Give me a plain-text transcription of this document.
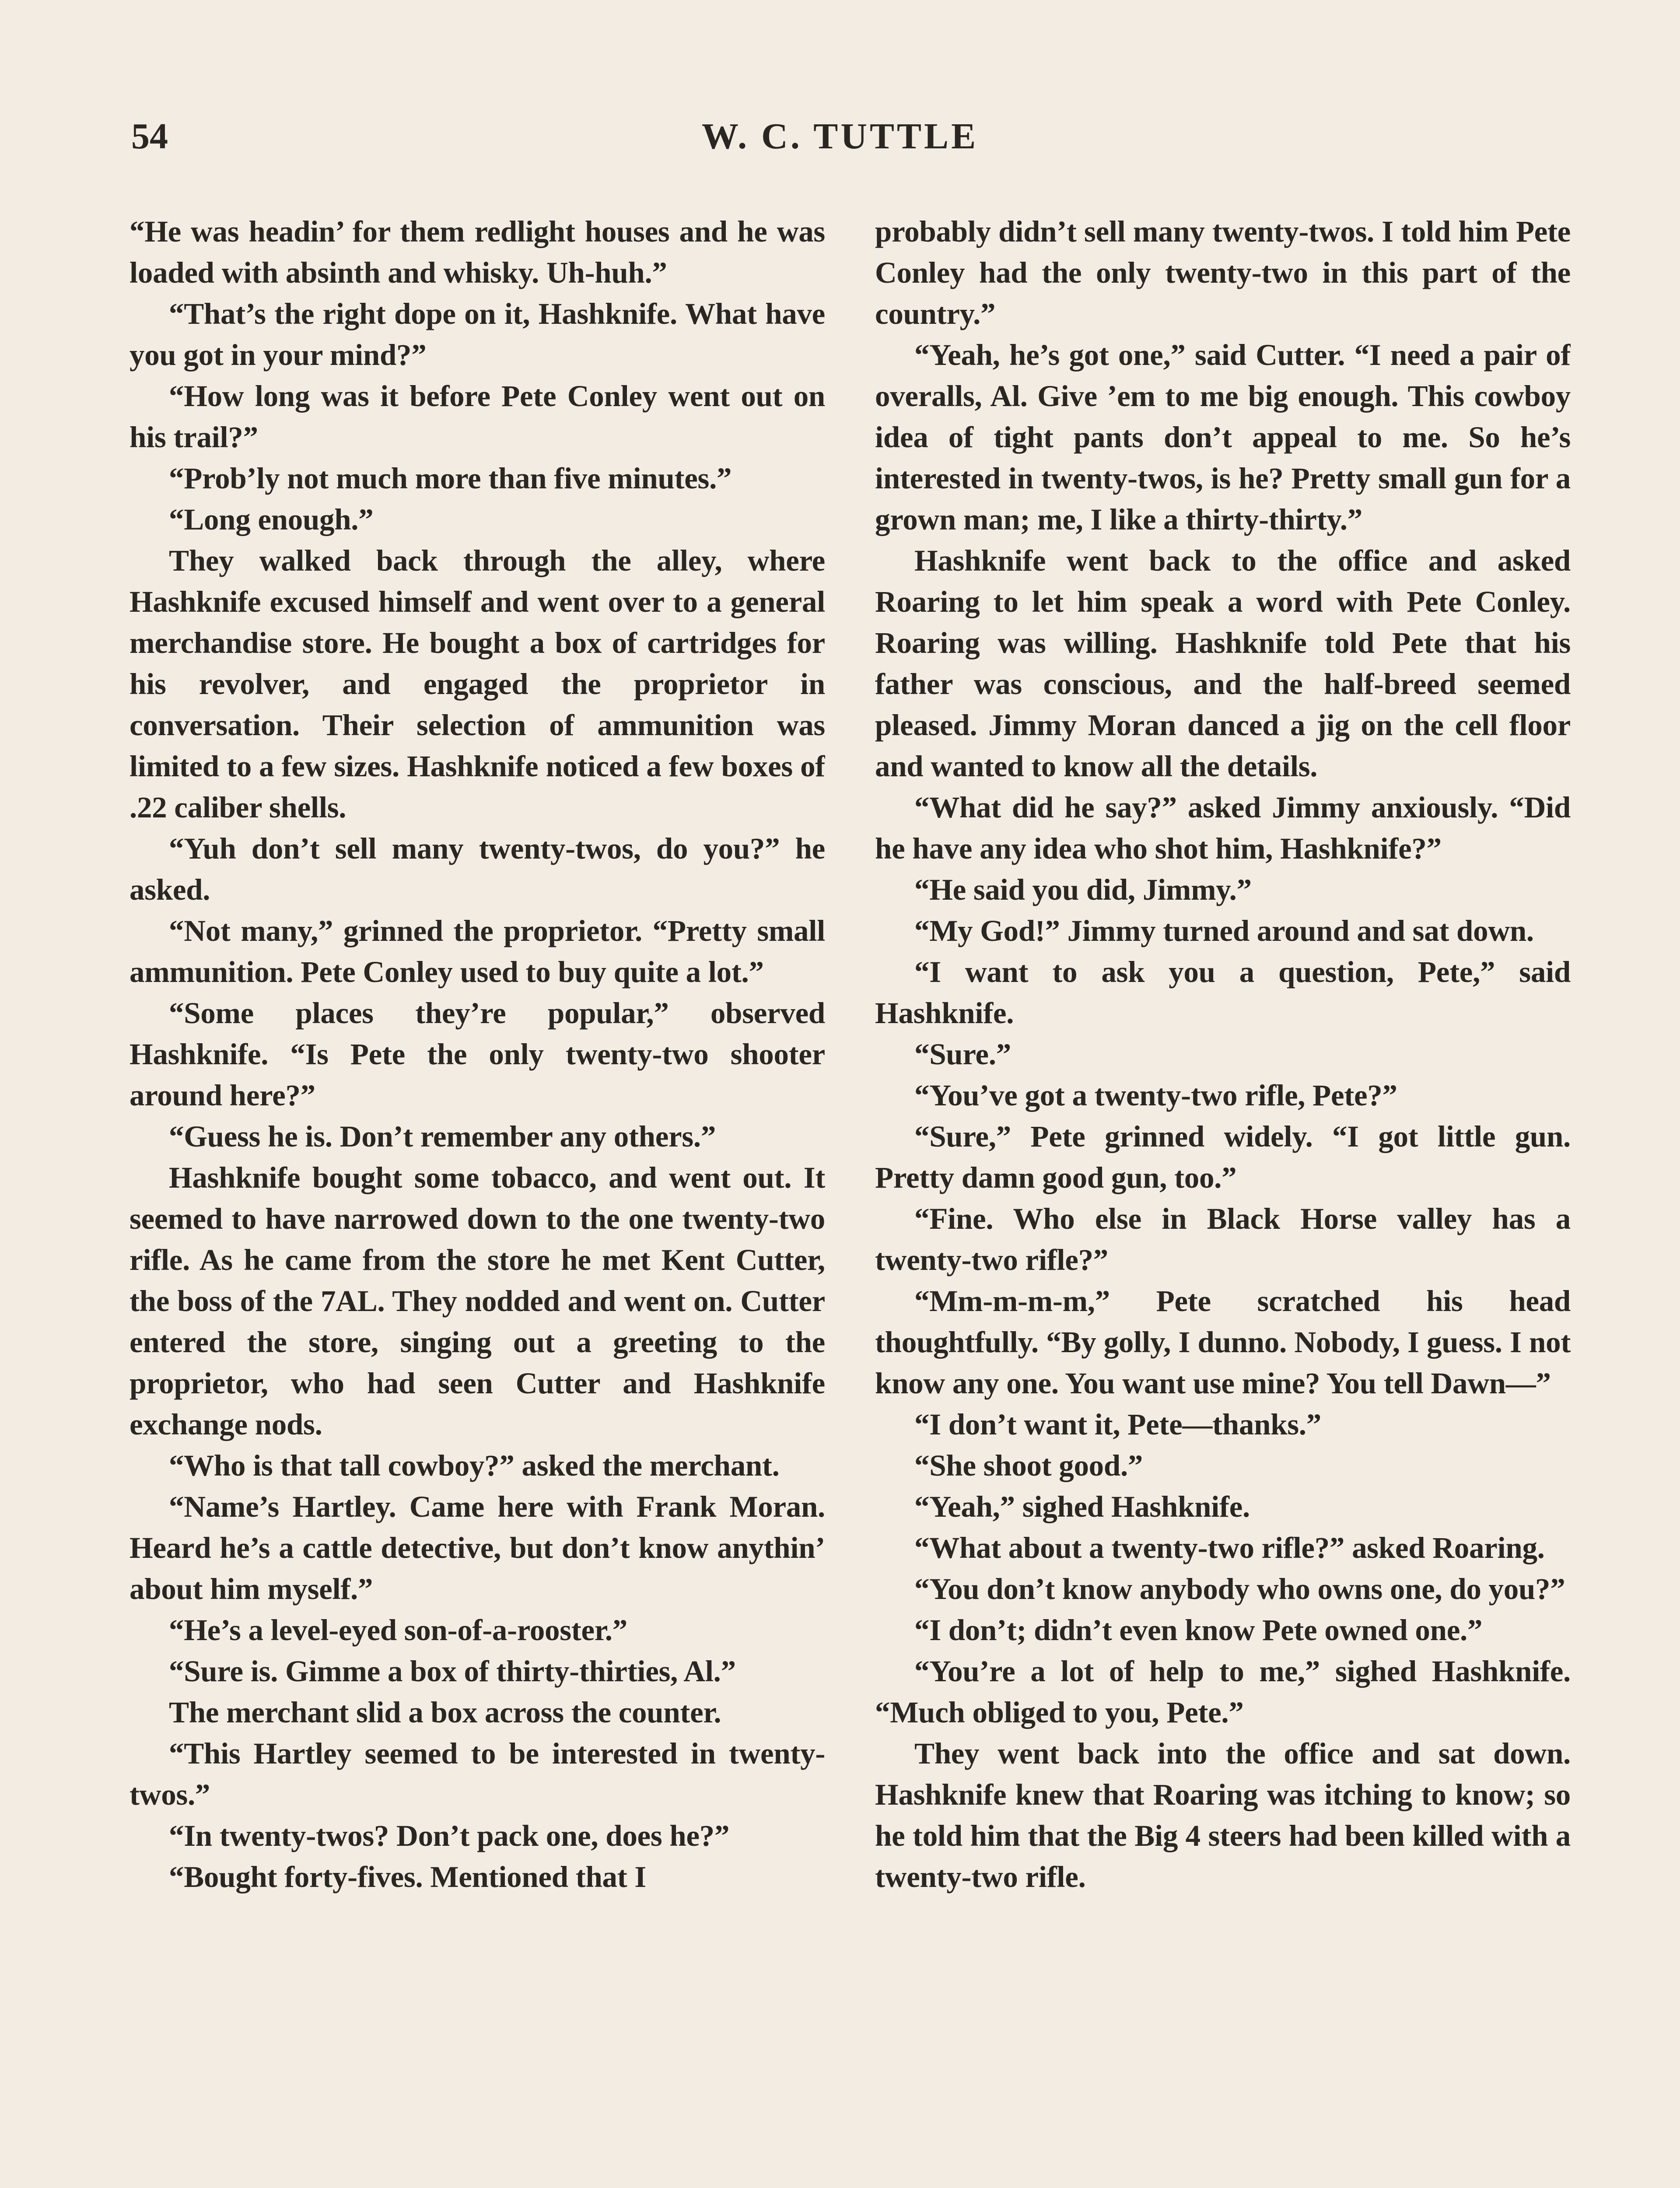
54	W. C. TUTTLE

“He was headin’ for them redlight houses and he was loaded with absinth and whisky. Uh-huh.”

“That’s the right dope on it, Hashknife. What have you got in your mind?”

“How long was it before Pete Conley went out on his trail?”

“Prob’ly not much more than five minutes.”

“Long enough.”

They walked back through the alley, where Hashknife excused himself and went over to a general merchandise store. He bought a box of cartridges for his revolver, and engaged the proprietor in conversation. Their selection of ammunition was limited to a few sizes. Hashknife noticed a few boxes of .22 caliber shells.

“Yuh don’t sell many twenty-twos, do you?” he asked.

“Not many,” grinned the proprietor. “Pretty small ammunition. Pete Conley used to buy quite a lot.”

“Some places they’re popular,” observed Hashknife. “Is Pete the only twenty-two shooter around here?”

“Guess he is. Don’t remember any others.”

Hashknife bought some tobacco, and went out. It seemed to have narrowed down to the one twenty-two rifle. As he came from the store he met Kent Cutter, the boss of the 7AL. They nodded and went on. Cutter entered the store, singing out a greeting to the proprietor, who had seen Cutter and Hashknife exchange nods.

“Who is that tall cowboy?” asked the merchant.

“Name’s Hartley. Came here with Frank Moran. Heard he’s a cattle detective, but don’t know anythin’ about him myself.”

“He’s a level-eyed son-of-a-rooster.”

“Sure is. Gimme a box of thirty-thirties, Al.”

The merchant slid a box across the counter.

“This Hartley seemed to be interested in twenty-twos.”

“In twenty-twos? Don’t pack one, does he?”

“Bought forty-fives. Mentioned that I

probably didn’t sell many twenty-twos. I told him Pete Conley had the only twenty-two in this part of the country.”

“Yeah, he’s got one,” said Cutter. “I need a pair of overalls, Al. Give ’em to me big enough. This cowboy idea of tight pants don’t appeal to me. So he’s interested in twenty-twos, is he? Pretty small gun for a grown man; me, I like a thirty-thirty.”

Hashknife went back to the office and asked Roaring to let him speak a word with Pete Conley. Roaring was willing. Hashknife told Pete that his father was conscious, and the half-breed seemed pleased. Jimmy Moran danced a jig on the cell floor and wanted to know all the details.

“What did he say?” asked Jimmy anxiously. “Did he have any idea who shot him, Hashknife?”

“He said you did, Jimmy.”

“My God!” Jimmy turned around and sat down.

“I want to ask you a question, Pete,” said Hashknife.

“Sure.”

“You’ve got a twenty-two rifle, Pete?”

“Sure,” Pete grinned widely. “I got little gun. Pretty damn good gun, too.”

“Fine. Who else in Black Horse valley has a twenty-two rifle?”

“Mm-m-m-m,” Pete scratched his head thoughtfully. “By golly, I dunno. Nobody, I guess. I not know any one. You want use mine? You tell Dawn—”

“I don’t want it, Pete—thanks.”

“She shoot good.”

“Yeah,” sighed Hashknife.

“What about a twenty-two rifle?” asked Roaring.

“You don’t know anybody who owns one, do you?”

“I don’t; didn’t even know Pete owned one.”

“You’re a lot of help to me,” sighed Hashknife. “Much obliged to you, Pete.”

They went back into the office and sat down. Hashknife knew that Roaring was itching to know; so he told him that the Big 4 steers had been killed with a twenty-two rifle.
